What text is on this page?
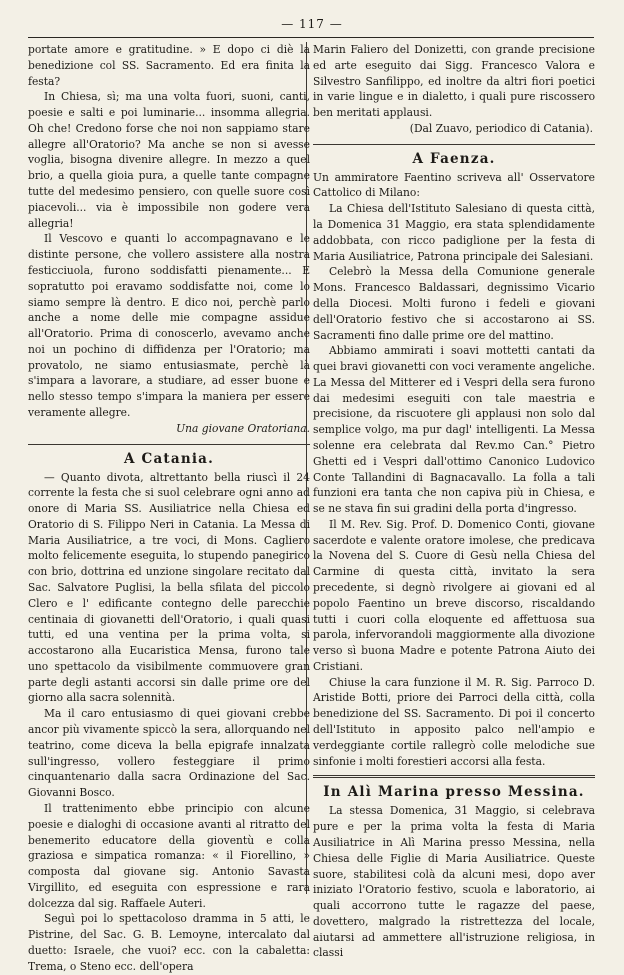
— 117 —

portate amore e gratitudine. » E dopo ci diè la benedizione col SS. Sacramento. Ed era finita la festa?

In Chiesa, sì; ma una volta fuori, suoni, canti, poesie e salti e poi luminarie... insomma allegria. Oh che! Credono forse che noi non sappiamo stare allegre all'Oratorio? Ma anche se non si avesse voglia, bisogna divenire allegre. In mezzo a quel brio, a quella gioia pura, a quelle tante compagne tutte del medesimo pensiero, con quelle suore così piacevoli... via è impossibile non godere vera allegria!

Il Vescovo e quanti lo accompagnavano e le distinte persone, che vollero assistere alla nostra festicciuola, furono soddisfatti pienamente... E sopratutto poi eravamo soddisfatte noi, come lo siamo sempre là dentro. E dico noi, perchè parlo anche a nome delle mie compagne assidue all'Oratorio. Prima di conoscerlo, avevamo anche noi un pochino di diffidenza per l'Oratorio; ma provatolo, ne siamo entusiasmate, perchè là s'impara a lavorare, a studiare, ad esser buone e nello stesso tempo s'impara la maniera per essere veramente allegre.

Una giovane Oratoriana.

A Catania.

— Quanto divota, altrettanto bella riuscì il 24 corrente la festa che si suol celebrare ogni anno ad onore di Maria SS. Ausiliatrice nella Chiesa ed Oratorio di S. Filippo Neri in Catania. La Messa di Maria Ausiliatrice, a tre voci, di Mons. Cagliero molto felicemente eseguita, lo stupendo panegirico con brio, dottrina ed unzione singolare recitato dal Sac. Salvatore Puglisi, la bella sfilata del piccolo Clero e l' edificante contegno delle parecchie centinaia di giovanetti dell'Oratorio, i quali quasi tutti, ed una ventina per la prima volta, si accostarono alla Eucaristica Mensa, furono tale uno spettacolo da visibilmente commuovere gran parte degli astanti accorsi sin dalle prime ore del giorno alla sacra solennità.

Ma il caro entusiasmo di quei giovani crebbe ancor più vivamente spiccò la sera, allorquando nel teatrino, come diceva la bella epigrafe innalzata sull'ingresso, vollero festeggiare il primo cinquantenario dalla sacra Ordinazione del Sac. Giovanni Bosco.

Il trattenimento ebbe principio con alcune poesie e dialoghi di occasione avanti al ritratto del benemerito educatore della gioventù e colla graziosa e simpatica romanza: « il Fiorellino, » composta dal giovane sig. Antonio Savasta Virgillito, ed eseguita con espressione e rara dolcezza dal sig. Raffaele Auteri.

Seguì poi lo spettacoloso dramma in 5 atti, le Pistrine, del Sac. G. B. Lemoyne, intercalato dal duetto: Israele, che vuoi? ecc. con la cabaletta: Trema, o Steno ecc. dell'opera

Marin Faliero del Donizetti, con grande precisione ed arte eseguito dai Sigg. Francesco Valora e Silvestro Sanfilippo, ed inoltre da altri fiori poetici in varie lingue e in dialetto, i quali pure riscossero ben meritati applausi.

(Dal Zuavo, periodico di Catania).

A Faenza.

Un ammiratore Faentino scriveva all' Osservatore Cattolico di Milano:

La Chiesa dell'Istituto Salesiano di questa città, la Domenica 31 Maggio, era stata splendidamente addobbata, con ricco padiglione per la festa di Maria Ausiliatrice, Patrona principale dei Salesiani.

Celebrò la Messa della Comunione generale Mons. Francesco Baldassari, degnissimo Vicario della Diocesi. Molti furono i fedeli e giovani dell'Oratorio festivo che si accostarono ai SS. Sacramenti fino dalle prime ore del mattino.

Abbiamo ammirati i soavi mottetti cantati da quei bravi giovanetti con voci veramente angeliche. La Messa del Mitterer ed i Vespri della sera furono dai medesimi eseguiti con tale maestria e precisione, da riscuotere gli applausi non solo dal semplice volgo, ma pur dagl' intelligenti. La Messa solenne era celebrata dal Rev.mo Can.° Pietro Ghetti ed i Vespri dall'ottimo Canonico Ludovico Conte Tallandini di Bagnacavallo. La folla a tali funzioni era tanta che non capiva più in Chiesa, e se ne stava fin sui gradini della porta d'ingresso.

Il M. Rev. Sig. Prof. D. Domenico Conti, giovane sacerdote e valente oratore imolese, che predicava la Novena del S. Cuore di Gesù nella Chiesa del Carmine di questa città, invitato la sera precedente, si degnò rivolgere ai giovani ed al popolo Faentino un breve discorso, riscaldando tutti i cuori colla eloquente ed affettuosa sua parola, infervorandoli maggiormente alla divozione verso sì buona Madre e potente Patrona Aiuto dei Cristiani.

Chiuse la cara funzione il M. R. Sig. Parroco D. Aristide Botti, priore dei Parroci della città, colla benedizione del SS. Sacramento. Di poi il concerto dell'Istituto in apposito palco nell'ampio e verdeggiante cortile rallegrò colle melodiche sue sinfonie i molti forestieri accorsi alla festa.

In Alì Marina presso Messina.

La stessa Domenica, 31 Maggio, si celebrava pure e per la prima volta la festa di Maria Ausiliatrice in Alì Marina presso Messina, nella Chiesa delle Figlie di Maria Ausiliatrice. Queste suore, stabilitesi colà da alcuni mesi, dopo aver iniziato l'Oratorio festivo, scuola e laboratorio, ai quali accorrono tutte le ragazze del paese, dovettero, malgrado la ristrettezza del locale, aiutarsi ad ammettere all'istruzione religiosa, in classi
